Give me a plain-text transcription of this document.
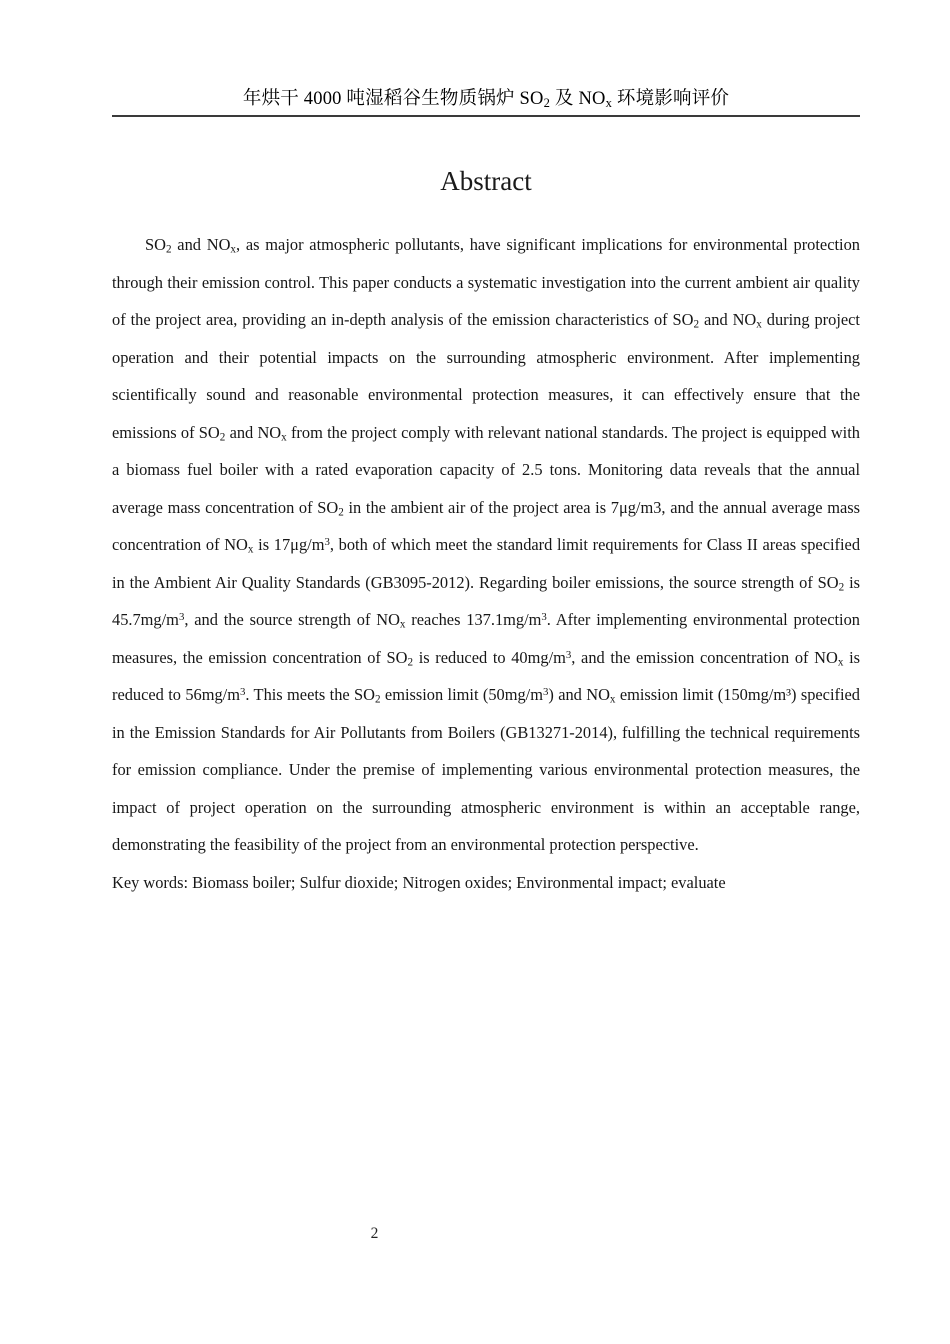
年烘干 4000 吨湿稻谷生物质锅炉 $SO_2$ 及 $NO_x$ 环境影响评价
Abstract

$SO_2$ and $NO_x$, as major atmospheric pollutants, have significant implications for environmental protection through their emission control. This paper conducts a systematic investigation into the current ambient air quality of the project area, providing an in-depth analysis of the emission characteristics of $SO_2$ and $NO_x$ during project operation and their potential impacts on the surrounding atmospheric environment. After implementing scientifically sound and reasonable environmental protection measures, it can effectively ensure that the emissions of $SO_2$ and $NO_x$ from the project comply with relevant national standards. The project is equipped with a biomass fuel boiler with a rated evaporation capacity of 2.5 tons. Monitoring data reveals that the annual average mass concentration of $SO_2$ in the ambient air of the project area is 7μg/m3, and the annual average mass concentration of $NO_x$ is $17\mu g/m^3$, both of which meet the standard limit requirements for Class II areas specified in the Ambient Air Quality Standards (GB3095-2012). Regarding boiler emissions, the source strength of $SO_2$ is $45.7mg/m^3$, and the source strength of $NO_x$ reaches $137.1mg/m^3$. After implementing environmental protection measures, the emission concentration of $SO_2$ is reduced to $40mg/m^3$, and the emission concentration of $NO_x$ is reduced to $56mg/m^3$. This meets the $SO_2$ emission limit $(50mg/m^3)$ and $NO_x$ emission limit (150mg/m³) specified in the Emission Standards for Air Pollutants from Boilers (GB13271-2014), fulfilling the technical requirements for emission compliance. Under the premise of implementing various environmental protection measures, the impact of project operation on the surrounding atmospheric environment is within an acceptable range, demonstrating the feasibility of the project from an environmental protection perspective.

Key words: Biomass boiler; Sulfur dioxide; Nitrogen oxides; Environmental impact; evaluate

2
